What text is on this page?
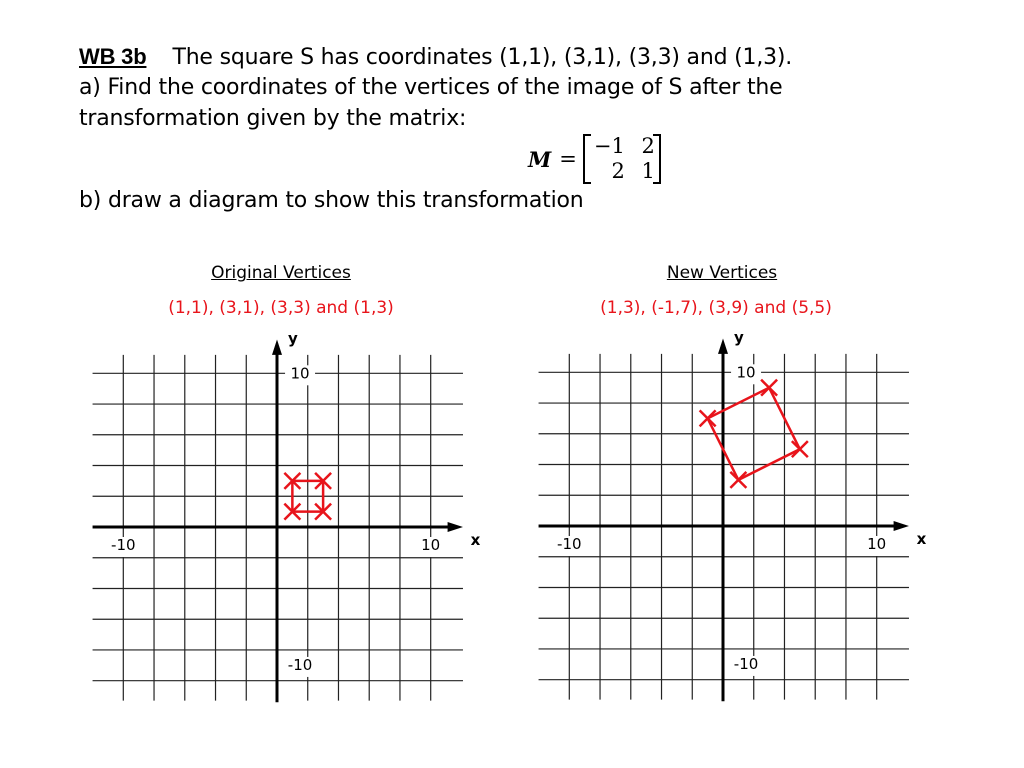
WB 3b The square S has coordinates (1,1), (3,1), (3,3) and (1,3).
a) Find the coordinates of the vertices of the image of S after the
transformation given by the matrix:
M =
−1 2
2 1
b) draw a diagram to show this transformation
Original Vertices
(1,1), (3,1), (3,3) and (1,3)
New Vertices
(1,3), (-1,7), (3,9) and (5,5)
-10	10
10
-10
x
y
-10	10
10
-10
x
y
